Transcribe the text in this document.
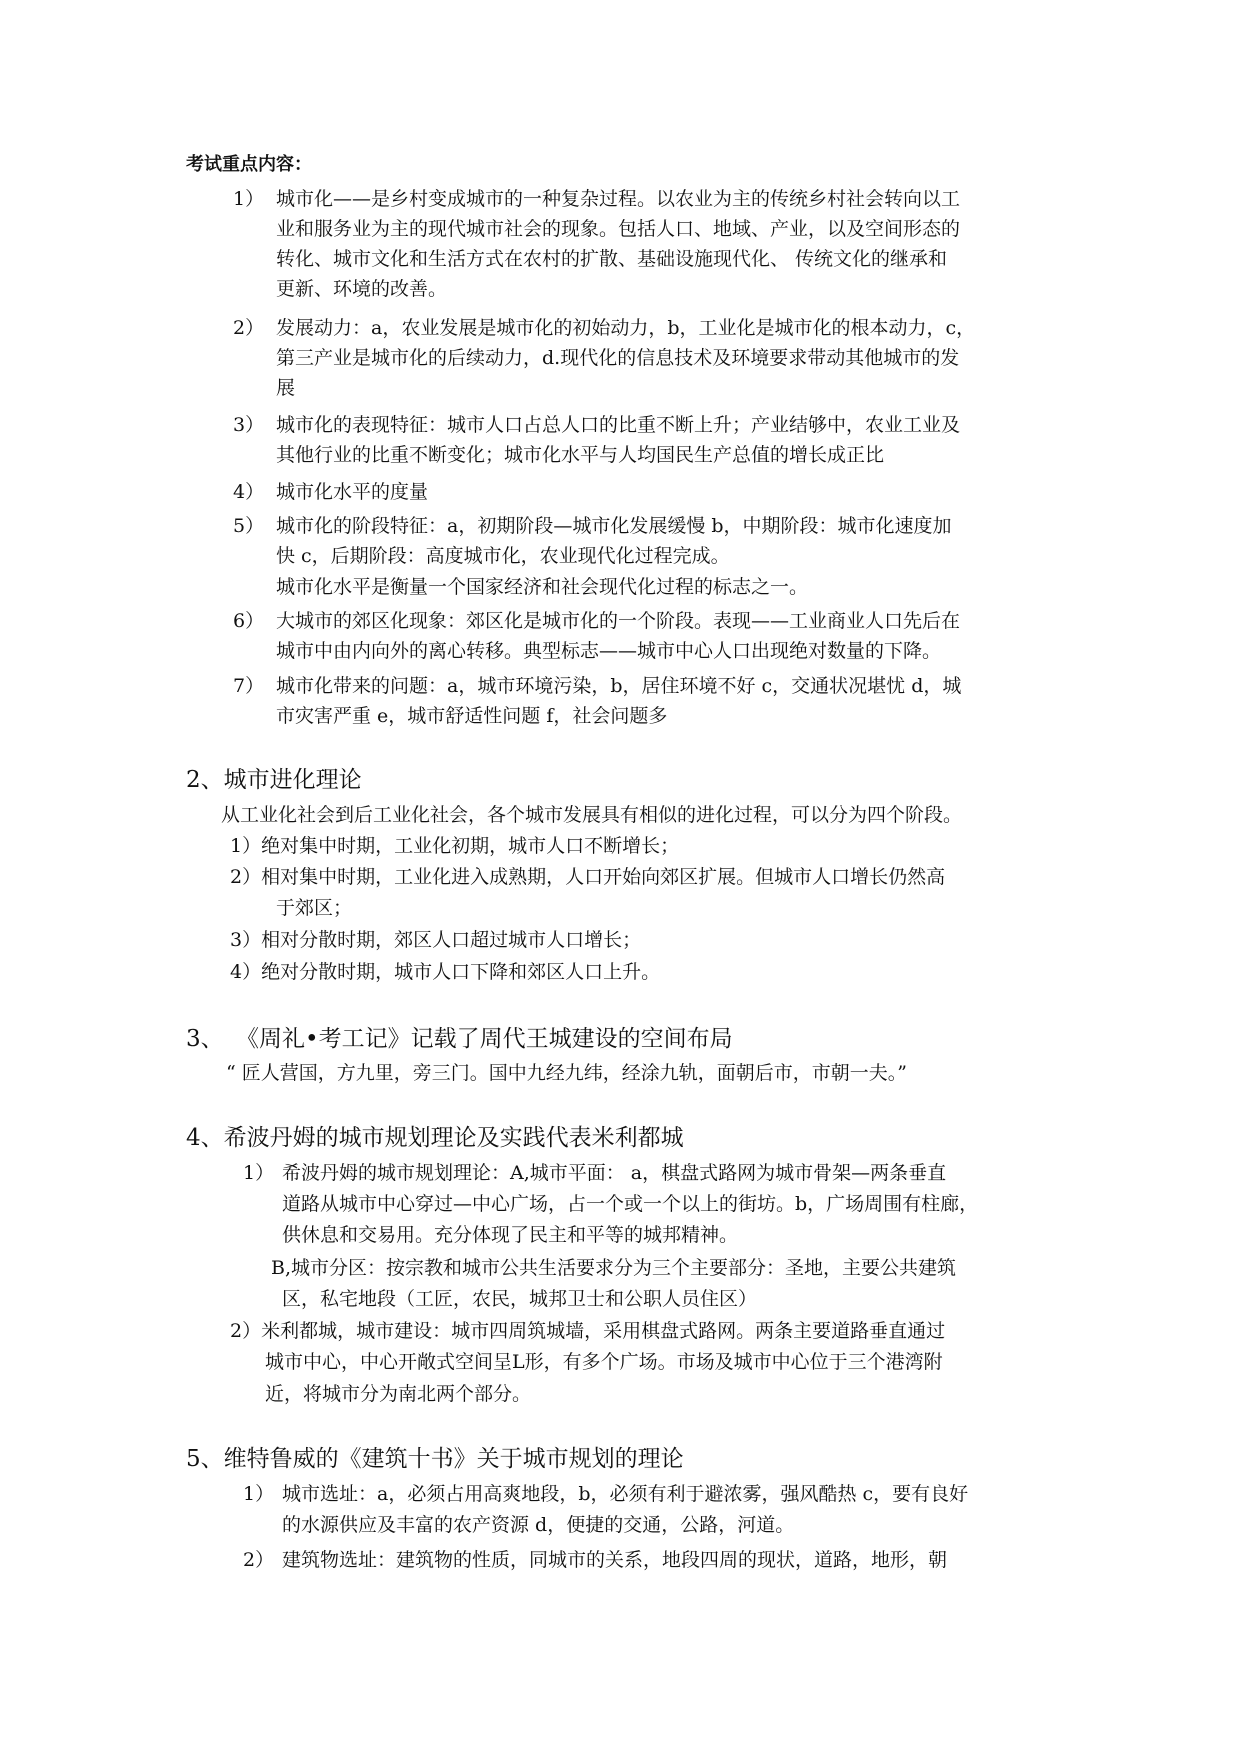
考试重点内容：
1） 城市化——是乡村变成城市的一种复杂过程。以农业为主的传统乡村社会转向以工
业和服务业为主的现代城市社会的现象。包括人口、地域、产业，以及空间形态的
转化、城市文化和生活方式在农村的扩散、基础设施现代化、 传统文化的继承和
更新、环境的改善。
2） 发展动力：a，农业发展是城市化的初始动力，b，工业化是城市化的根本动力，c，
第三产业是城市化的后续动力，d.现代化的信息技术及环境要求带动其他城市的发
展
3） 城市化的表现特征：城市人口占总人口的比重不断上升；产业结够中，农业工业及
其他行业的比重不断变化；城市化水平与人均国民生产总值的增长成正比
4） 城市化水平的度量
5） 城市化的阶段特征：a，初期阶段—城市化发展缓慢 b，中期阶段：城市化速度加
快 c，后期阶段：高度城市化，农业现代化过程完成。
城市化水平是衡量一个国家经济和社会现代化过程的标志之一。
6） 大城市的郊区化现象：郊区化是城市化的一个阶段。表现——工业商业人口先后在
城市中由内向外的离心转移。典型标志——城市中心人口出现绝对数量的下降。
7） 城市化带来的问题：a，城市环境污染，b，居住环境不好 c，交通状况堪忧 d，城
市灾害严重 e，城市舒适性问题 f，社会问题多
2、城市进化理论
从工业化社会到后工业化社会，各个城市发展具有相似的进化过程，可以分为四个阶段。
1）绝对集中时期，工业化初期，城市人口不断增长；
2）相对集中时期，工业化进入成熟期，人口开始向郊区扩展。但城市人口增长仍然高
于郊区；
3）相对分散时期，郊区人口超过城市人口增长；
4）绝对分散时期，城市人口下降和郊区人口上升。
3、 《周礼•考工记》记载了周代王城建设的空间布局
“ 匠人营国，方九里，旁三门。国中九经九纬，经涂九轨，面朝后市，市朝一夫。”
4、希波丹姆的城市规划理论及实践代表米利都城
1） 希波丹姆的城市规划理论：A,城市平面： a，棋盘式路网为城市骨架—两条垂直
道路从城市中心穿过—中心广场，占一个或一个以上的街坊。b，广场周围有柱廊，
供休息和交易用。充分体现了民主和平等的城邦精神。
B,城市分区：按宗教和城市公共生活要求分为三个主要部分：圣地，主要公共建筑
区，私宅地段（工匠，农民，城邦卫士和公职人员住区）
2）米利都城，城市建设：城市四周筑城墙，采用棋盘式路网。两条主要道路垂直通过
城市中心，中心开敞式空间呈L形，有多个广场。市场及城市中心位于三个港湾附
近，将城市分为南北两个部分。
5、维特鲁威的《建筑十书》关于城市规划的理论
1） 城市选址：a，必须占用高爽地段，b，必须有利于避浓雾，强风酷热 c，要有良好
的水源供应及丰富的农产资源 d，便捷的交通，公路，河道。
2） 建筑物选址：建筑物的性质，同城市的关系，地段四周的现状，道路，地形，朝
